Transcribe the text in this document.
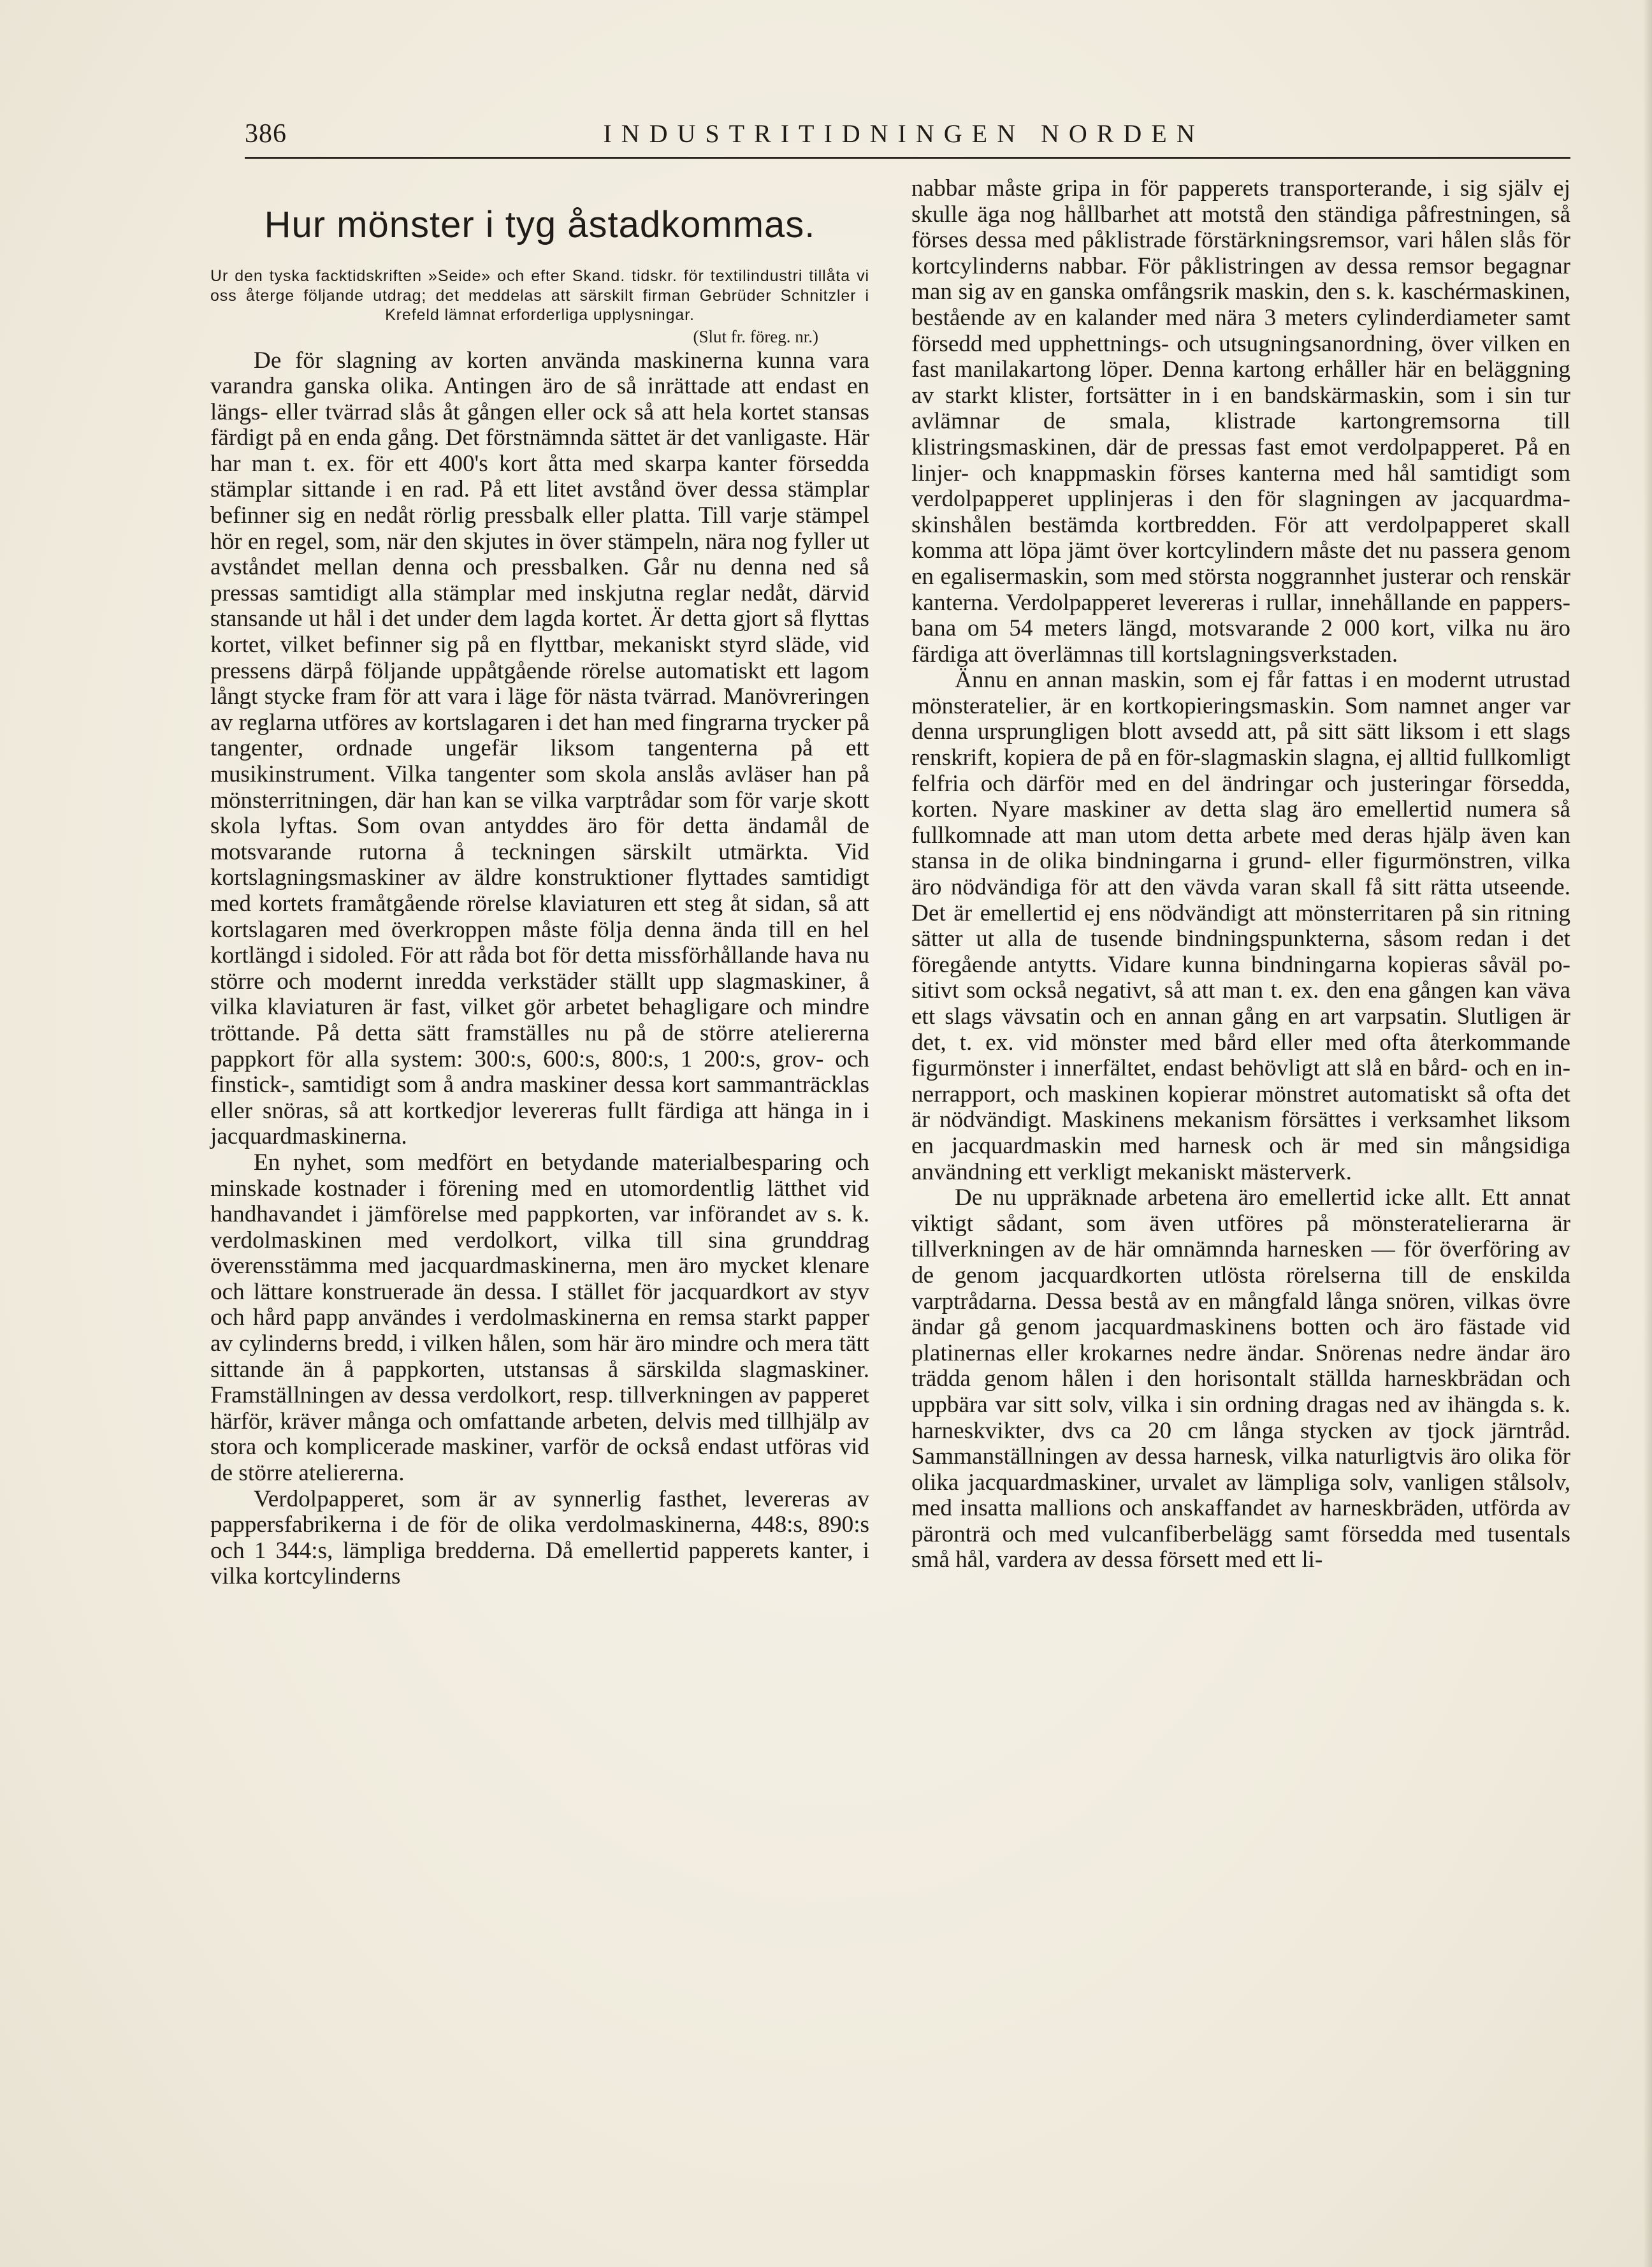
386	INDUSTRITIDNINGEN NORDEN
Hur mönster i tyg åstadkommas.

Ur den tyska facktidskriften »Seide» och efter Skand. tidskr. för textilindustri tillåta vi oss återge följande utdrag; det meddelas att särskilt firman Gebrüder Schnitzler i Krefeld lämnat erforderliga upplysningar.

(Slut fr. föreg. nr.)

De för slagning av korten använda maskinerna kunna vara varandra ganska olika. Antingen äro de så inrättade att endast en längs- eller tvärrad slås åt gången eller ock så att hela kortet stansas färdigt på en enda gång. Det förstnämnda sättet är det vanligaste. Här har man t. ex. för ett 400's kort åtta med skarpa kanter försedda stämplar sittande i en rad. På ett litet avstånd över dessa stämplar befinner sig en nedåt rörlig pressbalk eller platta. Till varje stämpel hör en regel, som, när den skjutes in över stämpeln, nära nog fyller ut avståndet mellan denna och pressbalken. Går nu denna ned så pressas samtidigt alla stämplar med inskjutna reglar nedåt, därvid stansande ut hål i det under dem lagda kortet. Är detta gjort så flyttas kortet, vilket befinner sig på en flyttbar, mekaniskt styrd släde, vid pressens därpå följande uppåtgående rörelse automatiskt ett lagom långt stycke fram för att vara i läge för nästa tvärrad. Manövreringen av reglarna utföres av kortslagaren i det han med fingrarna trycker på tangenter, ordnade ungefär liksom tangenterna på ett musikinstrument. Vilka tangenter som skola anslås avläser han på mönsterritningen, där han kan se vilka varptrådar som för varje skott skola lyftas. Som ovan antyddes äro för detta ändamål de motsvarande rutorna å teckningen särskilt utmärkta. Vid kortslagningsmaskiner av äldre konstruktioner flyttades samtidigt med kortets framåtgående rörelse klaviaturen ett steg åt sidan, så att kortslagaren med överkroppen måste följa denna ända till en hel kortlängd i sidoled. För att råda bot för detta missförhållande hava nu större och modernt inredda verkstäder ställt upp slagmaskiner, å vilka klaviaturen är fast, vilket gör arbetet behagligare och mindre tröttande. På detta sätt framställes nu på de större ateliererna pappkort för alla system: 300:s, 600:s, 800:s, 1 200:s, grov- och finstick-, samtidigt som å andra maskiner dessa kort sammanträcklas eller snöras, så att kortkedjor levereras fullt färdiga att hänga in i jacquardmaskinerna.

En nyhet, som medfört en betydande materialbesparing och minskade kostnader i förening med en utomordentlig lätthet vid handhavandet i jämförelse med pappkorten, var införandet av s. k. verdolmaskinen med verdolkort, vilka till sina grunddrag överensstämma med jacquardmaskinerna, men äro mycket klenare och lättare konstruerade än dessa. I stället för jacquardkort av styv och hård papp användes i verdolmaskinerna en remsa starkt papper av cylinderns bredd, i vilken hålen, som här äro mindre och mera tätt sittande än å pappkorten, utstansas å särskilda slagmaskiner. Framställningen av dessa verdolkort, resp. tillverkningen av papperet härför, kräver många och omfattande arbeten, delvis med tillhjälp av stora och komplicerade maskiner, varför de också endast utföras vid de större ateliererna.

Verdolpapperet, som är av synnerlig fasthet, levereras av pappersfabrikerna i de för de olika verdolmaskinerna, 448:s, 890:s och 1 344:s, lämpliga bredderna. Då emellertid papperets kanter, i vilka kortcylinderns

nabbar måste gripa in för papperets transporterande, i sig själv ej skulle äga nog hållbarhet att motstå den ständiga påfrestningen, så förses dessa med påklistrade förstärkningsremsor, vari hålen slås för kortcylinderns nabbar. För påklistringen av dessa remsor begagnar man sig av en ganska omfångsrik maskin, den s. k. kaschérmaskinen, bestående av en kalander med nära 3 meters cylinderdiameter samt försedd med upphettnings- och utsugningsanordning, över vilken en fast manilakartong löper. Denna kartong erhåller här en beläggning av starkt klister, fortsätter in i en bandskärmaskin, som i sin tur avlämnar de smala, klistrade kartongremsorna till klistringsmaskinen, där de pressas fast emot verdolpapperet. På en linjer- och knappmaskin förses kanterna med hål samtidigt som verdolpapperet upplinjeras i den för slagningen av jacquardmaskinshålen bestämda kortbredden. För att verdolpapperet skall komma att löpa jämt över kortcylindern måste det nu passera genom en egalisermaskin, som med största noggrannhet justerar och renskär kanterna. Verdolpapperet levereras i rullar, innehållande en pappersbana om 54 meters längd, motsvarande 2 000 kort, vilka nu äro färdiga att överlämnas till kortslagningsverkstaden.

Ännu en annan maskin, som ej får fattas i en modernt utrustad mönsteratelier, är en kortkopieringsmaskin. Som namnet anger var denna ursprungligen blott avsedd att, på sitt sätt liksom i ett slags renskrift, kopiera de på en för-slagmaskin slagna, ej alltid fullkomligt felfria och därför med en del ändringar och justeringar försedda, korten. Nyare maskiner av detta slag äro emellertid numera så fullkomnade att man utom detta arbete med deras hjälp även kan stansa in de olika bindningarna i grund- eller figurmönstren, vilka äro nödvändiga för att den vävda varan skall få sitt rätta utseende. Det är emellertid ej ens nödvändigt att mönsterritaren på sin ritning sätter ut alla de tusende bindningspunkterna, såsom redan i det föregående antytts. Vidare kunna bindningarna kopieras såväl positivt som också negativt, så att man t. ex. den ena gången kan väva ett slags vävsatin och en annan gång en art varpsatin. Slutligen är det, t. ex. vid mönster med bård eller med ofta återkommande figurmönster i innerfältet, endast behövligt att slå en bård- och en innerrapport, och maskinen kopierar mönstret automatiskt så ofta det är nödvändigt. Maskinens mekanism försättes i verksamhet liksom en jacquardmaskin med harnesk och är med sin mångsidiga användning ett verkligt mekaniskt mästerverk.

De nu uppräknade arbetena äro emellertid icke allt. Ett annat viktigt sådant, som även utföres på mönsteratelierarna är tillverkningen av de här omnämnda harnesken — för överföring av de genom jacquardkorten utlösta rörelserna till de enskilda varptrådarna. Dessa bestå av en mångfald långa snören, vilkas övre ändar gå genom jacquardmaskinens botten och äro fästade vid platinernas eller krokarnes nedre ändar. Snörenas nedre ändar äro trädda genom hålen i den horisontalt ställda harneskbrädan och uppbära var sitt solv, vilka i sin ordning dragas ned av ihängda s. k. harneskvikter, dvs ca 20 cm långa stycken av tjock järntråd. Sammanställningen av dessa harnesk, vilka naturligtvis äro olika för olika jacquardmaskiner, urvalet av lämpliga solv, vanligen stålsolv, med insatta mallions och anskaffandet av harneskbräden, utförda av päronträ och med vulcanfiberbelägg samt försedda med tusentals små hål, vardera av dessa försett med ett li-
